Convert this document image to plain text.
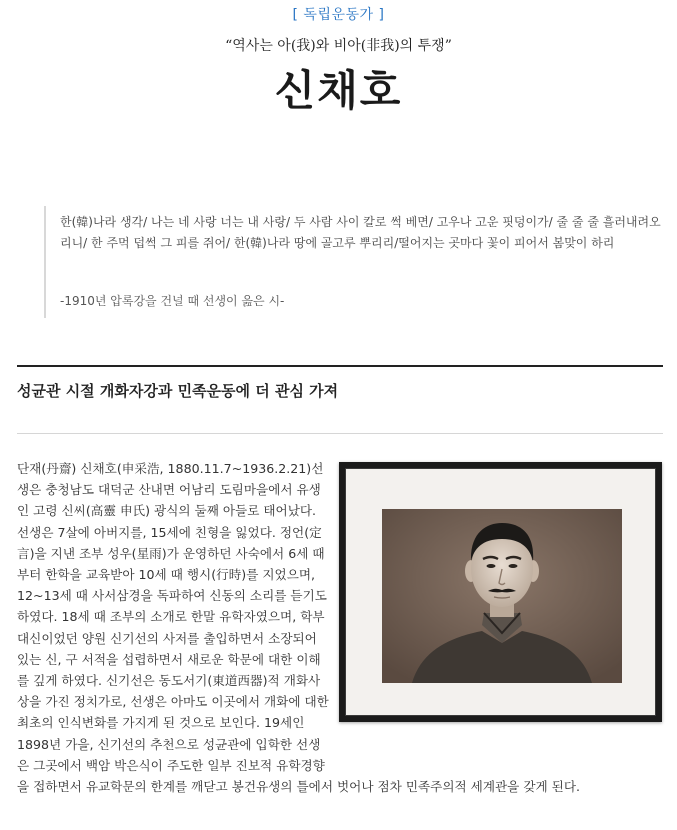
[ 독립운동가 ]
“역사는 아(我)와 비아(非我)의 투쟁”
신채호

한(韓)나라 생각/ 나는 네 사랑 너는 내 사랑/ 두 사람 사이 칼로 썩 베면/ 고우나 고운 핏덩이가/ 줄 줄 줄 흘러내려오리니/ 한 주먹 덥썩 그 피를 쥐어/ 한(韓)나라 땅에 골고루 뿌리리/떨어지는 곳마다 꽃이 피어서 봄맞이 하리

-1910년 압록강을 건널 때 선생이 읊은 시-

성균관 시절 개화자강과 민족운동에 더 관심 가져

단재(丹齋) 신채호(申采浩, 1880.11.7~1936.2.21)선생은 충청남도 대덕군 산내면 어남리 도림마을에서 유생인 고령 신씨(高靈 申氏) 광식의 둘째 아들로 태어났다. 선생은 7살에 아버지를, 15세에 친형을 잃었다. 정언(定言)을 지낸 조부 성우(星雨)가 운영하던 사숙에서 6세 때부터 한학을 교육받아 10세 때 행시(行時)를 지었으며, 12~13세 때 사서삼경을 독파하여 신동의 소리를 듣기도 하였다. 18세 때 조부의 소개로 한말 유학자였으며, 학부대신이었던 양원 신기선의 사저를 출입하면서 소장되어 있는 신, 구 서적을 섭렵하면서 새로운 학문에 대한 이해를 깊게 하였다. 신기선은 동도서기(東道西器)적 개화사상을 가진 정치가로, 선생은 아마도 이곳에서 개화에 대한 최초의 인식변화를 가지게 된 것으로 보인다. 19세인 1898년 가을, 신기선의 추천으로 성균관에 입학한 선생은 그곳에서 백암 박은식이 주도한 일부 진보적 유학경향을 접하면서 유교학문의 한계를 깨닫고 봉건유생의 틀에서 벗어나 점차 민족주의적 세계관을 갖게 된다.
